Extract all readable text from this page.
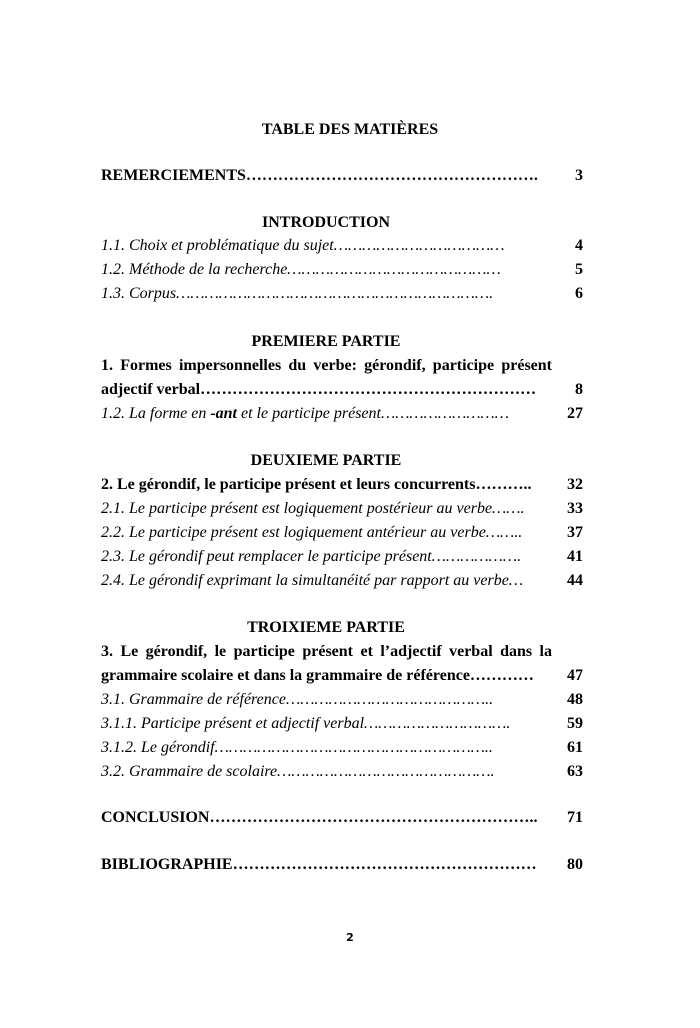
TABLE DES MATIÈRES
REMERCIEMENTS………………………………………………. 3
INTRODUCTION
1.1. Choix et problématique du sujet………………………………	4
1.2. Méthode de la recherche………………………………………	5
1.3. Corpus………………………………………………………….	6
PREMIERE PARTIE
1. Formes impersonnelles du verbe: gérondif, participe présent
adjectif verbal……………………………………………………… 8
1.2. La forme en -ant et le participe présent………………………	27
DEUXIEME PARTIE
2. Le gérondif, le participe présent et leurs concurrents……….. 32
2.1. Le participe présent est logiquement postérieur au verbe…….	33
2.2. Le participe présent est logiquement antérieur au verbe……..	37
2.3. Le gérondif peut remplacer le participe présent……………….	41
2.4. Le gérondif exprimant la simultanéité par rapport au verbe…	44
TROIXIEME PARTIE
3. Le gérondif, le participe présent et l’adjectif verbal dans la
grammaire scolaire et dans la grammaire de référence………… 47
3.1. Grammaire de référence……………………………………..	48
3.1.1. Participe présent et adjectif verbal………………………….	59
3.1.2. Le gérondif…………………………………………………..	61
3.2. Grammaire de scolaire……………………………………….	63
CONCLUSION…………………………………………………….. 71
BIBLIOGRAPHIE………………………………………………… 80
2
